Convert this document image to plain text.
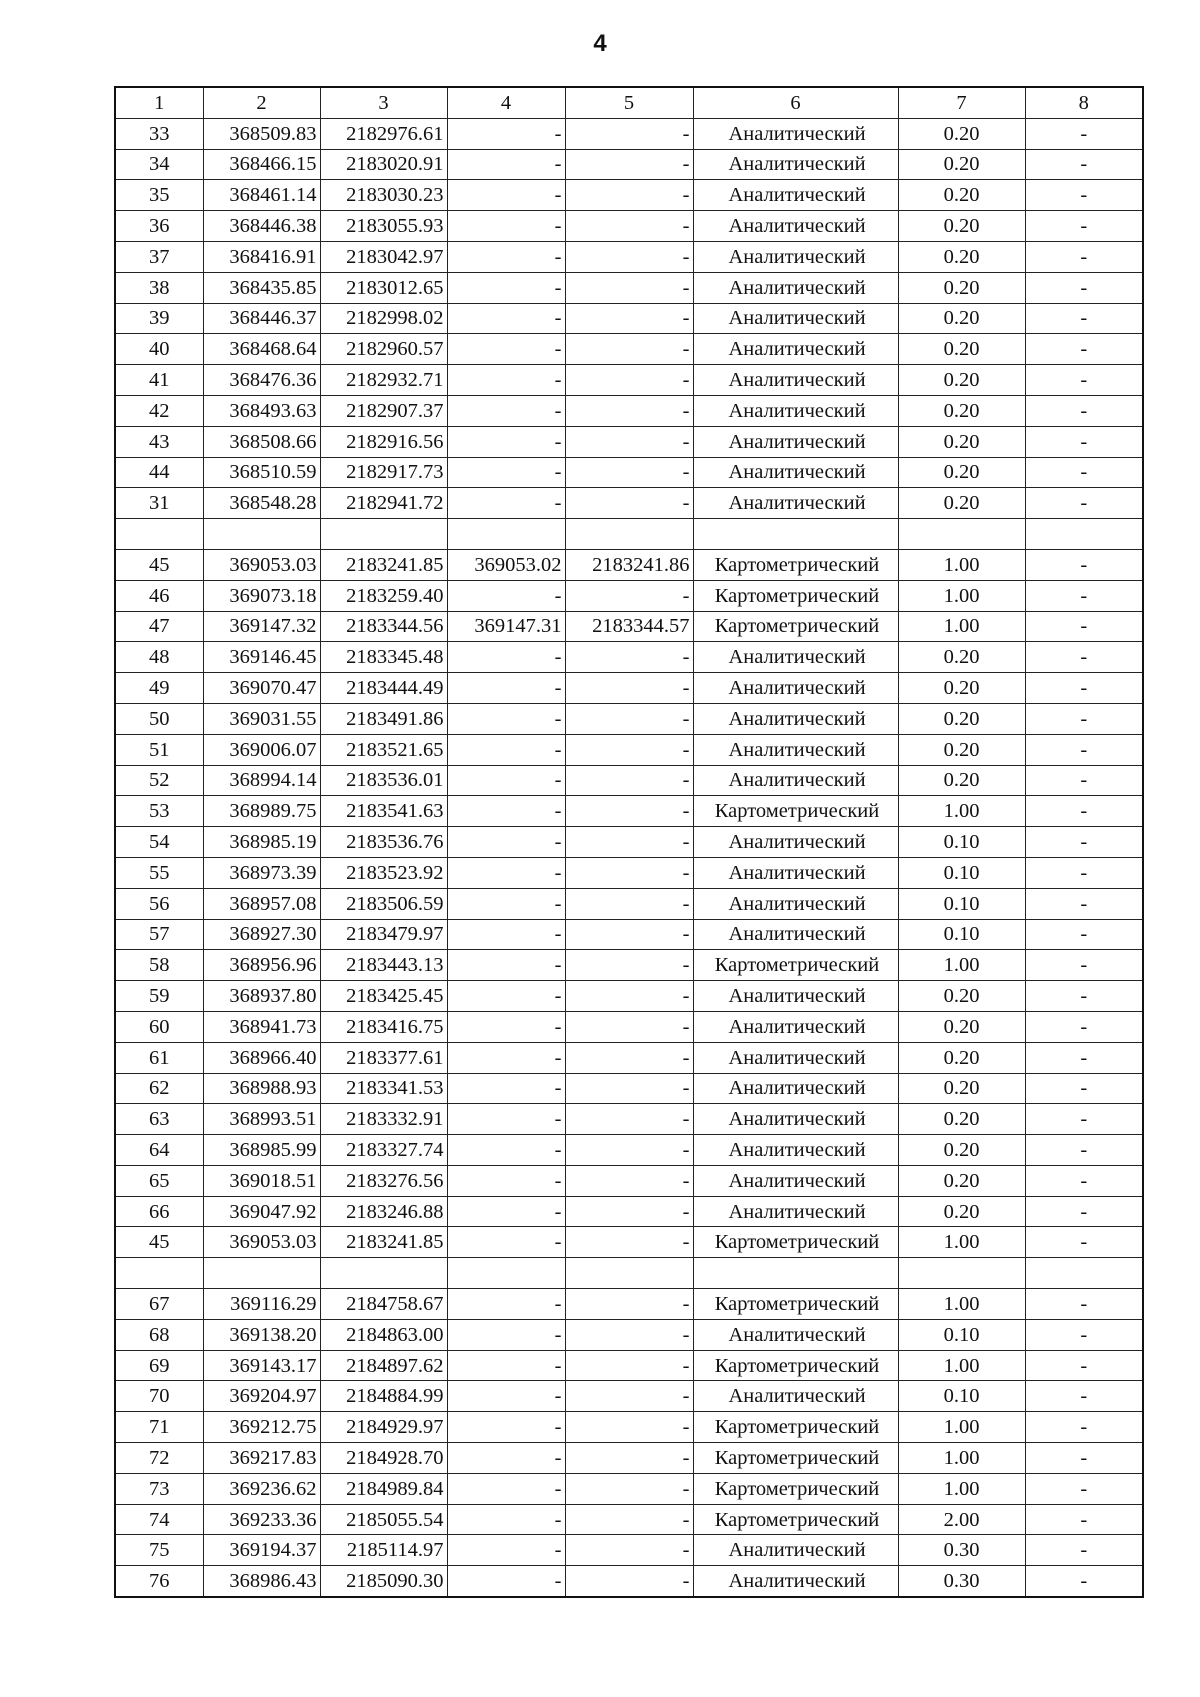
4
1	2	3	4	5	6	7	8
33	368509.83	2182976.61	-	-	Аналитический	0.20	-
34	368466.15	2183020.91	-	-	Аналитический	0.20	-
35	368461.14	2183030.23	-	-	Аналитический	0.20	-
36	368446.38	2183055.93	-	-	Аналитический	0.20	-
37	368416.91	2183042.97	-	-	Аналитический	0.20	-
38	368435.85	2183012.65	-	-	Аналитический	0.20	-
39	368446.37	2182998.02	-	-	Аналитический	0.20	-
40	368468.64	2182960.57	-	-	Аналитический	0.20	-
41	368476.36	2182932.71	-	-	Аналитический	0.20	-
42	368493.63	2182907.37	-	-	Аналитический	0.20	-
43	368508.66	2182916.56	-	-	Аналитический	0.20	-
44	368510.59	2182917.73	-	-	Аналитический	0.20	-
31	368548.28	2182941.72	-	-	Аналитический	0.20	-

45	369053.03	2183241.85	369053.02	2183241.86	Картометрический	1.00	-
46	369073.18	2183259.40	-	-	Картометрический	1.00	-
47	369147.32	2183344.56	369147.31	2183344.57	Картометрический	1.00	-
48	369146.45	2183345.48	-	-	Аналитический	0.20	-
49	369070.47	2183444.49	-	-	Аналитический	0.20	-
50	369031.55	2183491.86	-	-	Аналитический	0.20	-
51	369006.07	2183521.65	-	-	Аналитический	0.20	-
52	368994.14	2183536.01	-	-	Аналитический	0.20	-
53	368989.75	2183541.63	-	-	Картометрический	1.00	-
54	368985.19	2183536.76	-	-	Аналитический	0.10	-
55	368973.39	2183523.92	-	-	Аналитический	0.10	-
56	368957.08	2183506.59	-	-	Аналитический	0.10	-
57	368927.30	2183479.97	-	-	Аналитический	0.10	-
58	368956.96	2183443.13	-	-	Картометрический	1.00	-
59	368937.80	2183425.45	-	-	Аналитический	0.20	-
60	368941.73	2183416.75	-	-	Аналитический	0.20	-
61	368966.40	2183377.61	-	-	Аналитический	0.20	-
62	368988.93	2183341.53	-	-	Аналитический	0.20	-
63	368993.51	2183332.91	-	-	Аналитический	0.20	-
64	368985.99	2183327.74	-	-	Аналитический	0.20	-
65	369018.51	2183276.56	-	-	Аналитический	0.20	-
66	369047.92	2183246.88	-	-	Аналитический	0.20	-
45	369053.03	2183241.85	-	-	Картометрический	1.00	-

67	369116.29	2184758.67	-	-	Картометрический	1.00	-
68	369138.20	2184863.00	-	-	Аналитический	0.10	-
69	369143.17	2184897.62	-	-	Картометрический	1.00	-
70	369204.97	2184884.99	-	-	Аналитический	0.10	-
71	369212.75	2184929.97	-	-	Картометрический	1.00	-
72	369217.83	2184928.70	-	-	Картометрический	1.00	-
73	369236.62	2184989.84	-	-	Картометрический	1.00	-
74	369233.36	2185055.54	-	-	Картометрический	2.00	-
75	369194.37	2185114.97	-	-	Аналитический	0.30	-
76	368986.43	2185090.30	-	-	Аналитический	0.30	-
